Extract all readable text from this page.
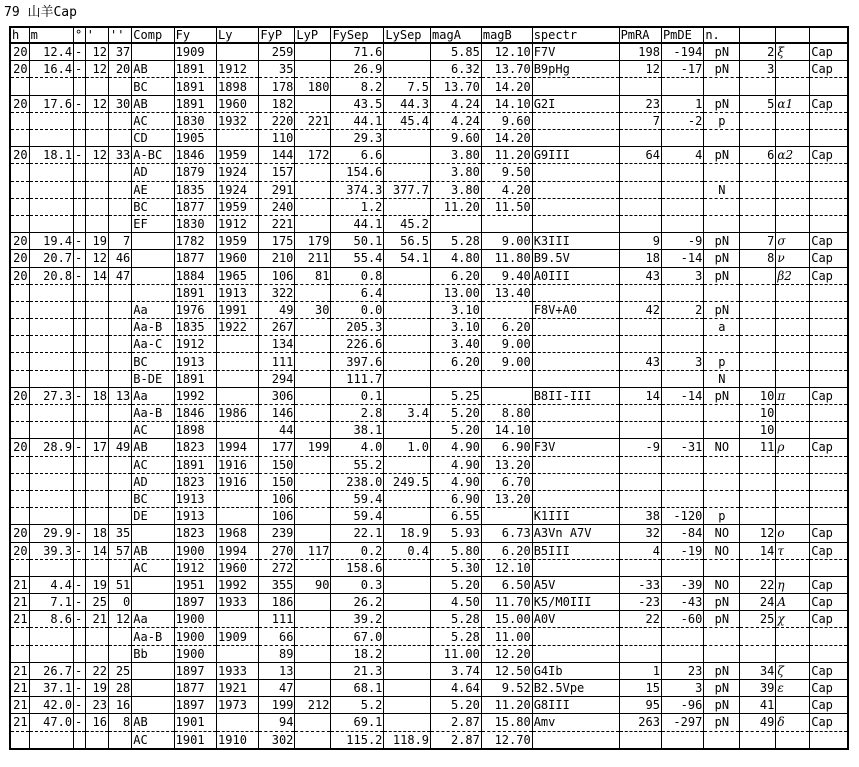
79 山羊Cap
h	m	°	'	''	Comp	Fy	Ly	FyP	LyP	FySep	LySep	magA	magB	spectr	PmRA	PmDE	n.			
20	12.4	-	12	37		1909		259		71.6		5.85	12.10	F7V	198	-194	pN	2	ξ	Cap
20	16.4	-	12	20	AB	1891	1912	35		26.9		6.32	13.70	B9pHg	12	-17	pN	3		Cap
					BC	1891	1898	178	180	8.2	7.5	13.70	14.20							
20	17.6	-	12	30	AB	1891	1960	182		43.5	44.3	4.24	14.10	G2I	23	1	pN	5	α1	Cap
					AC	1830	1932	220	221	44.1	45.4	4.24	9.60		7	-2	p			
					CD	1905		110		29.3		9.60	14.20							
20	18.1	-	12	33	A-BC	1846	1959	144	172	6.6		3.80	11.20	G9III	64	4	pN	6	α2	Cap
					AD	1879	1924	157		154.6		3.80	9.50							
					AE	1835	1924	291		374.3	377.7	3.80	4.20				N			
					BC	1877	1959	240		1.2		11.20	11.50							
					EF	1830	1912	221		44.1	45.2									
20	19.4	-	19	7		1782	1959	175	179	50.1	56.5	5.28	9.00	K3III	9	-9	pN	7	σ	Cap
20	20.7	-	12	46		1877	1960	210	211	55.4	54.1	4.80	11.80	B9.5V	18	-14	pN	8	ν	Cap
20	20.8	-	14	47		1884	1965	106	81	0.8		6.20	9.40	A0III	43	3	pN		β2	Cap
						1891	1913	322		6.4		13.00	13.40							
					Aa	1976	1991	49	30	0.0		3.10		F8V+A0	42	2	pN			
					Aa-B	1835	1922	267		205.3		3.10	6.20				a			
					Aa-C	1912		134		226.6		3.40	9.00							
					BC	1913		111		397.6		6.20	9.00		43	3	p			
					B-DE	1891		294		111.7							N			
20	27.3	-	18	13	Aa	1992		306		0.1		5.25		B8II-III	14	-14	pN	10	π	Cap
					Aa-B	1846	1986	146		2.8	3.4	5.20	8.80					10		
					AC	1898		44		38.1		5.20	14.10					10		
20	28.9	-	17	49	AB	1823	1994	177	199	4.0	1.0	4.90	6.90	F3V	-9	-31	NO	11	ρ	Cap
					AC	1891	1916	150		55.2		4.90	13.20							
					AD	1823	1916	150		238.0	249.5	4.90	6.70							
					BC	1913		106		59.4		6.90	13.20							
					DE	1913		106		59.4		6.55		K1III	38	-120	p			
20	29.9	-	18	35		1823	1968	239		22.1	18.9	5.93	6.73	A3Vn A7V	32	-84	NO	12	ο	Cap
20	39.3	-	14	57	AB	1900	1994	270	117	0.2	0.4	5.80	6.20	B5III	4	-19	NO	14	τ	Cap
					AC	1912	1960	272		158.6		5.30	12.10							
21	4.4	-	19	51		1951	1992	355	90	0.3		5.20	6.50	A5V	-33	-39	NO	22	η	Cap
21	7.1	-	25	0		1897	1933	186		26.2		4.50	11.70	K5/M0III	-23	-43	pN	24	A	Cap
21	8.6	-	21	12	Aa	1900		111		39.2		5.28	15.00	A0V	22	-60	pN	25	χ	Cap
					Aa-B	1900	1909	66		67.0		5.28	11.00							
					Bb	1900		89		18.2		11.00	12.20							
21	26.7	-	22	25		1897	1933	13		21.3		3.74	12.50	G4Ib	1	23	pN	34	ζ	Cap
21	37.1	-	19	28		1877	1921	47		68.1		4.64	9.52	B2.5Vpe	15	3	pN	39	ε	Cap
21	42.0	-	23	16		1897	1973	199	212	5.2		5.20	11.20	G8III	95	-96	pN	41		Cap
21	47.0	-	16	8	AB	1901		94		69.1		2.87	15.80	Amv	263	-297	pN	49	δ	Cap
					AC	1901	1910	302		115.2	118.9	2.87	12.70							
